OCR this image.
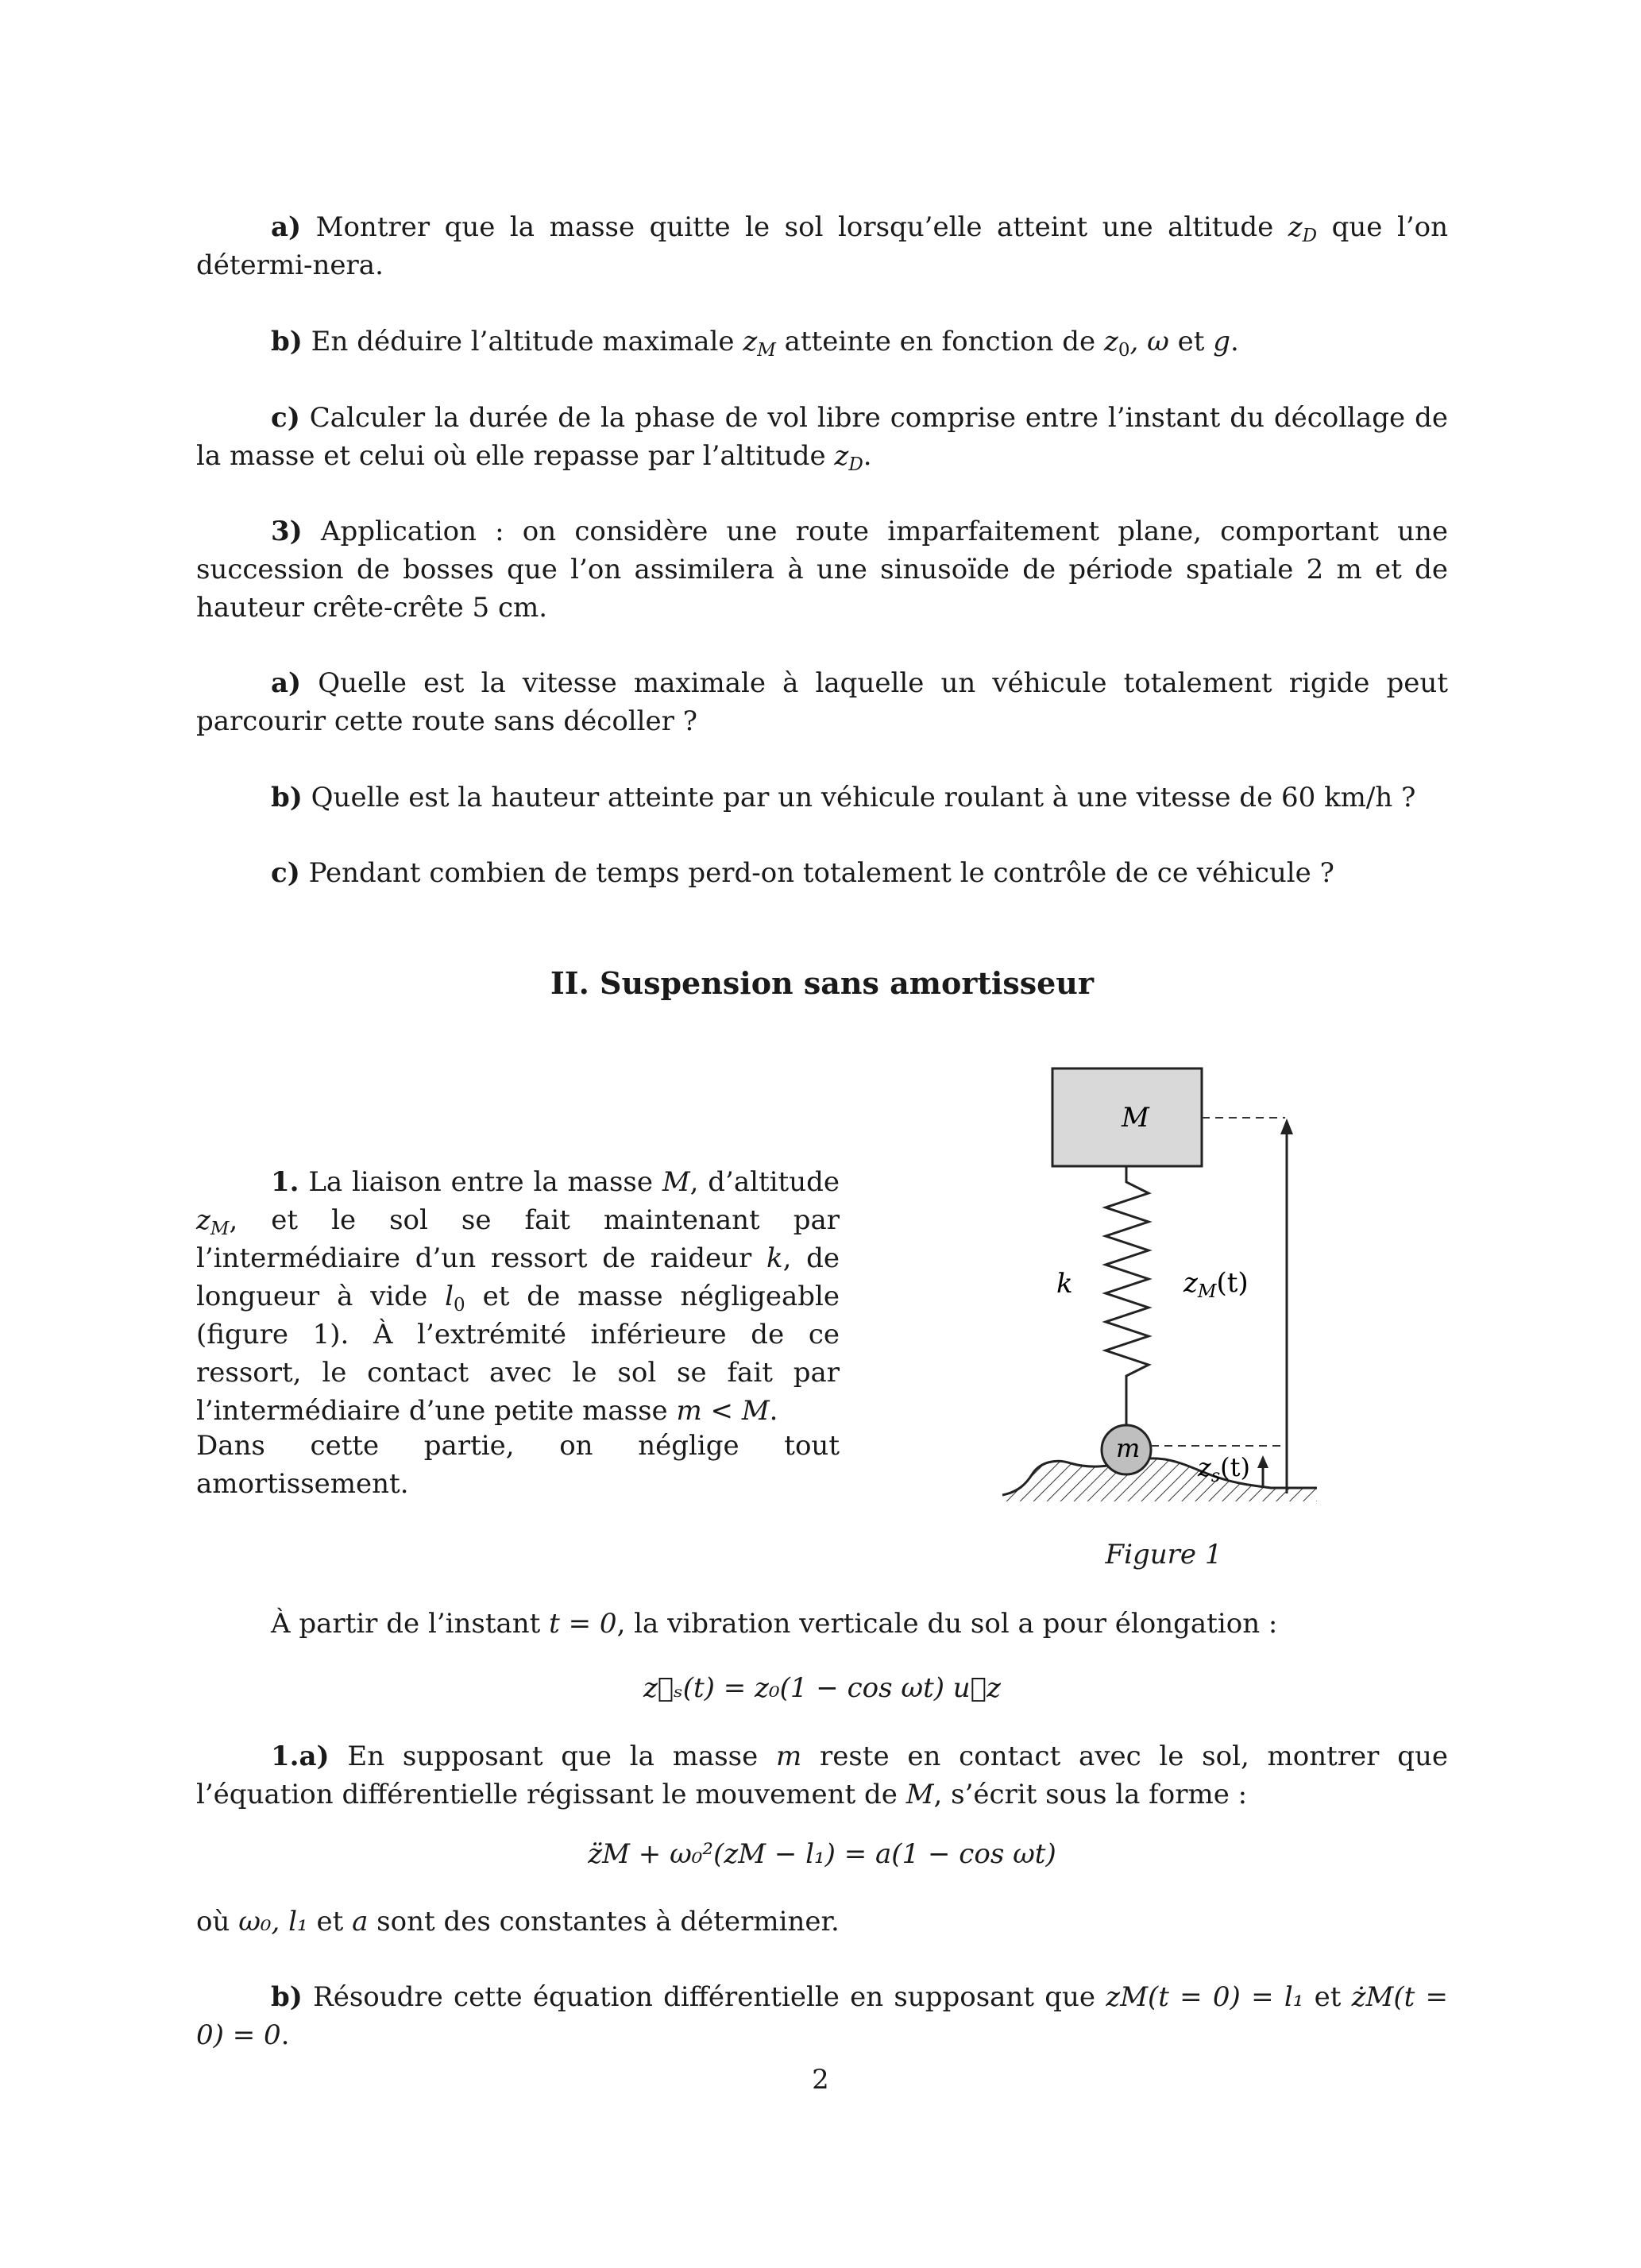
a) Montrer que la masse quitte le sol lorsqu’elle atteint une altitude $z_D$ que l’on détermi-nera.

b) En déduire l’altitude maximale $z_M$ atteinte en fonction de $z_0$, ω et g.

c) Calculer la durée de la phase de vol libre comprise entre l’instant du décollage de la masse et celui où elle repasse par l’altitude $z_D$.

3) Application : on considère une route imparfaitement plane, comportant une succession de bosses que l’on assimilera à une sinusoïde de période spatiale 2 m et de hauteur crête-crête 5 cm.

a) Quelle est la vitesse maximale à laquelle un véhicule totalement rigide peut parcourir cette route sans décoller ?

b) Quelle est la hauteur atteinte par un véhicule roulant à une vitesse de 60 km/h ?

c) Pendant combien de temps perd-on totalement le contrôle de ce véhicule ?

II. Suspension sans amortisseur

1. La liaison entre la masse M, d’altitude $z_M$, et le sol se fait maintenant par l’intermédiaire d’un ressort de raideur k, de longueur à vide $l_0$ et de masse négligeable (figure 1). À l’extrémité inférieure de ce ressort, le contact avec le sol se fait par l’intermédiaire d’une petite masse m < M.

Dans cette partie, on néglige tout amortissement.

M
k	$z_M(t)$
m
$z_s(t)$
Figure 1

À partir de l’instant t = 0, la vibration verticale du sol a pour élongation :

z⃗ₛ(t) = z₀(1 − cos ωt) u⃗z

1.a) En supposant que la masse m reste en contact avec le sol, montrer que l’équation différentielle régissant le mouvement de M, s’écrit sous la forme :

z̈M + ω₀²(zM − l₁) = a(1 − cos ωt)

où ω₀, l₁ et a sont des constantes à déterminer.

b) Résoudre cette équation différentielle en supposant que zM(t = 0) = l₁ et żM(t = 0) = 0.

2
